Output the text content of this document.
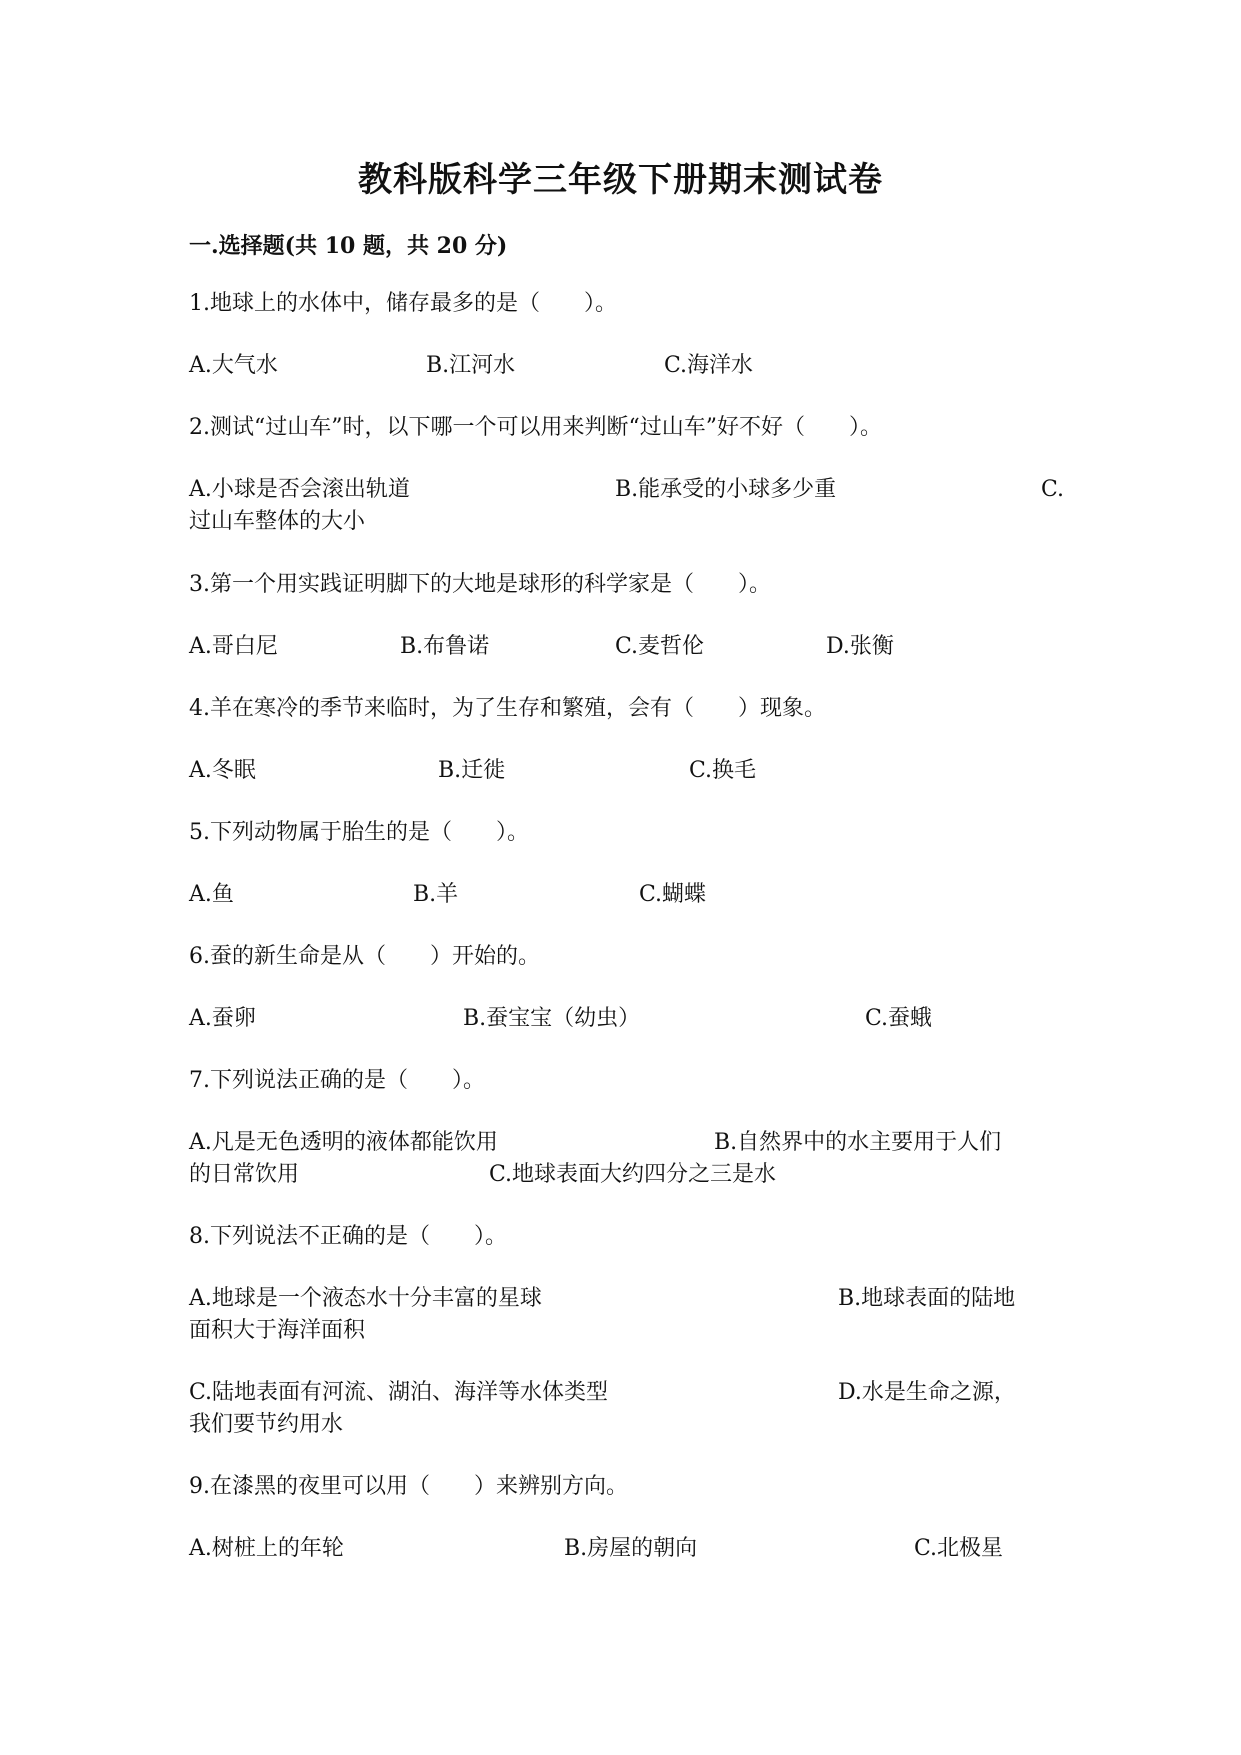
教科版科学三年级下册期末测试卷
一.选择题(共 10 题，共 20 分)
1.地球上的水体中，储存最多的是（　　）。
A.大气水	B.江河水	C.海洋水
2.测试“过山车”时，以下哪一个可以用来判断“过山车”好不好（　　）。
A.小球是否会滚出轨道	B.能承受的小球多少重	C.
过山车整体的大小
3.第一个用实践证明脚下的大地是球形的科学家是（　　）。
A.哥白尼	B.布鲁诺	C.麦哲伦	D.张衡
4.羊在寒冷的季节来临时，为了生存和繁殖，会有（　　）现象。
A.冬眠	B.迁徙	C.换毛
5.下列动物属于胎生的是（　　）。
A.鱼	B.羊	C.蝴蝶
6.蚕的新生命是从（　　）开始的。
A.蚕卵	B.蚕宝宝（幼虫）	C.蚕蛾
7.下列说法正确的是（　　）。
A.凡是无色透明的液体都能饮用	B.自然界中的水主要用于人们
的日常饮用	C.地球表面大约四分之三是水
8.下列说法不正确的是（　　）。
A.地球是一个液态水十分丰富的星球	B.地球表面的陆地
面积大于海洋面积
C.陆地表面有河流、湖泊、海洋等水体类型	D.水是生命之源，
我们要节约用水
9.在漆黑的夜里可以用（　　）来辨别方向。
A.树桩上的年轮	B.房屋的朝向	C.北极星
